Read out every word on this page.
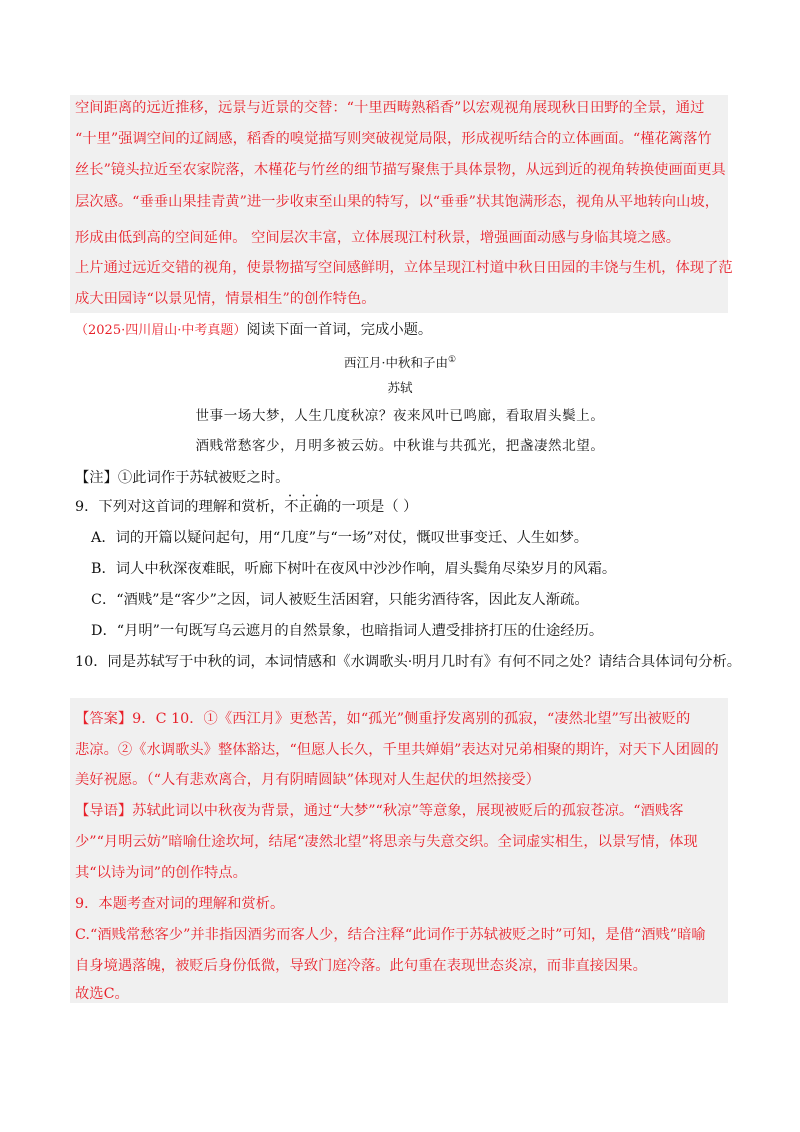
空间距离的远近推移，远景与近景的交替：“十里西畴熟稻香”以宏观视角展现秋日田野的全景，通过
“十里”强调空间的辽阔感，稻香的嗅觉描写则突破视觉局限，形成视听结合的立体画面。“槿花篱落竹
丝长”镜头拉近至农家院落，木槿花与竹丝的细节描写聚焦于具体景物，从远到近的视角转换使画面更具
层次感。“垂垂山果挂青黄”进一步收束至山果的特写，以“垂垂”状其饱满形态，视角从平地转向山坡，
形成由低到高的空间延伸。 空间层次丰富，立体展现江村秋景，增强画面动感与身临其境之感。
上片通过远近交错的视角，使景物描写空间感鲜明，立体呈现江村道中秋日田园的丰饶与生机，体现了范
成大田园诗“以景见情，情景相生”的创作特色。
（2025·四川眉山·中考真题）阅读下面一首词，完成小题。
西江月·中秋和子由①
苏轼
世事一场大梦，人生几度秋凉？夜来风叶已鸣廊，看取眉头鬓上。
酒贱常愁客少，月明多被云妨。中秋谁与共孤光，把盏凄然北望。
【注】①此词作于苏轼被贬之时。
9．下列对这首词的理解和赏析，• • • 不正确的一项是（ ）
A．词的开篇以疑问起句，用“几度”与“一场”对仗，慨叹世事变迁、人生如梦。
B．词人中秋深夜难眠，听廊下树叶在夜风中沙沙作响，眉头鬓角尽染岁月的风霜。
C．“酒贱”是“客少”之因，词人被贬生活困窘，只能劣酒待客，因此友人渐疏。
D．“月明”一句既写乌云遮月的自然景象，也暗指词人遭受排挤打压的仕途经历。
10．同是苏轼写于中秋的词，本词情感和《水调歌头·明月几时有》有何不同之处？请结合具体词句分析。
【答案】9．C 10．①《西江月》更愁苦，如“孤光”侧重抒发离别的孤寂，“凄然北望”写出被贬的
悲凉。②《水调歌头》整体豁达，“但愿人长久，千里共婵娟”表达对兄弟相聚的期许，对天下人团圆的
美好祝愿。（“人有悲欢离合，月有阴晴圆缺”体现对人生起伏的坦然接受）
【导语】苏轼此词以中秋夜为背景，通过“大梦”“秋凉”等意象，展现被贬后的孤寂苍凉。“酒贱客
少”“月明云妨”暗喻仕途坎坷，结尾“凄然北望”将思亲与失意交织。全词虚实相生，以景写情，体现
其“以诗为词”的创作特点。
9．本题考查对词的理解和赏析。
C.“酒贱常愁客少”并非指因酒劣而客人少，结合注释“此词作于苏轼被贬之时”可知，是借“酒贱”暗喻
自身境遇落魄，被贬后身份低微，导致门庭冷落。此句重在表现世态炎凉，而非直接因果。
故选C。
